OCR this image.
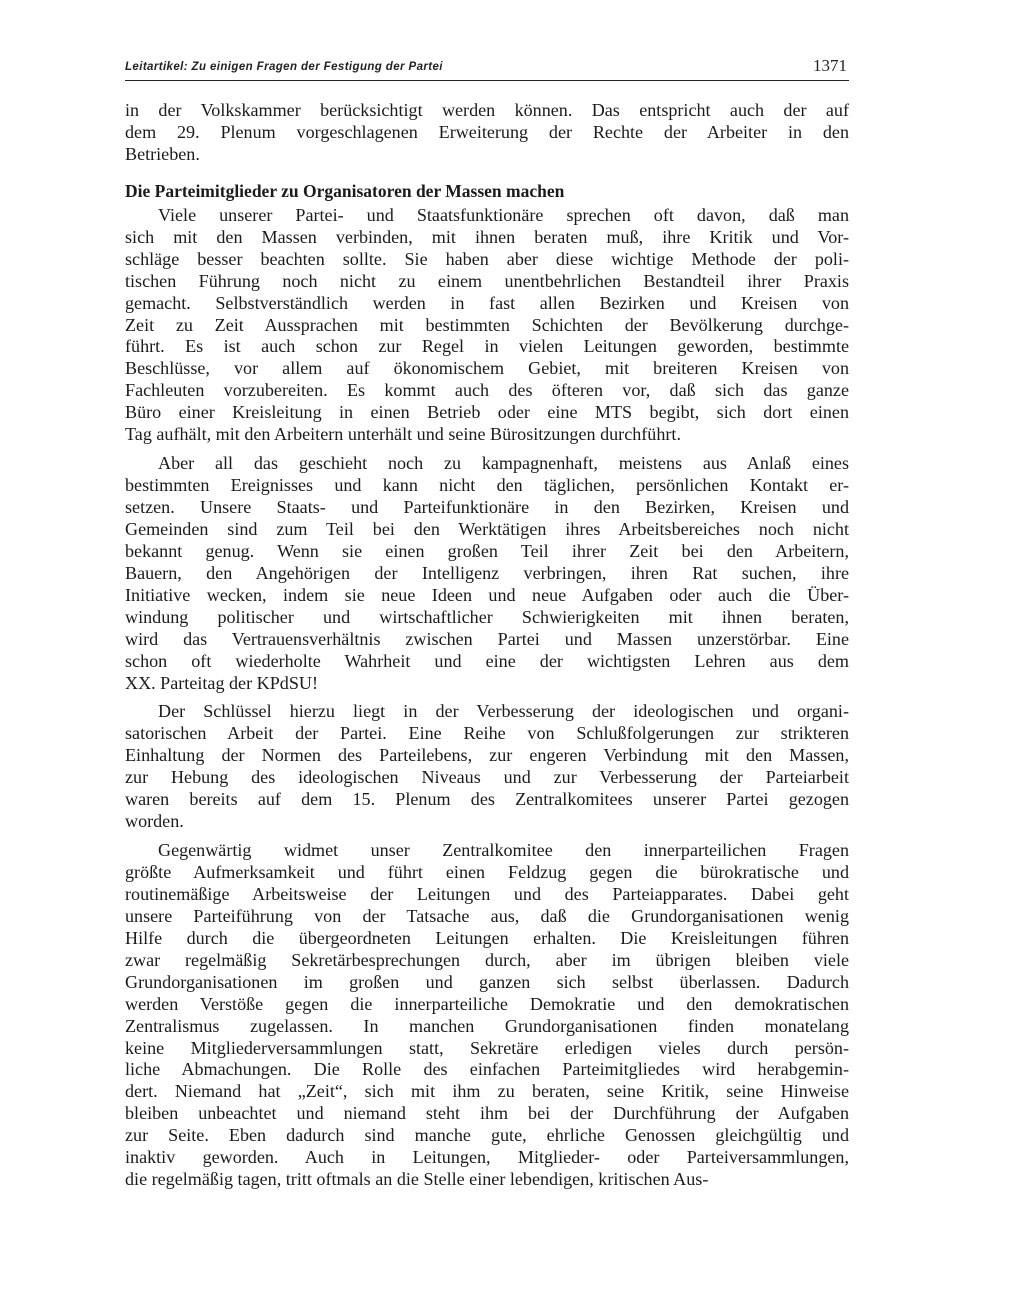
Leitartikel: Zu einigen Fragen der Festigung der Partei	1371
in der Volkskammer berücksichtigt werden können. Das entspricht auch der auf
dem 29. Plenum vorgeschlagenen Erweiterung der Rechte der Arbeiter in den
Betrieben.
Die Parteimitglieder zu Organisatoren der Massen machen
Viele unserer Partei- und Staatsfunktionäre sprechen oft davon, daß man
sich mit den Massen verbinden, mit ihnen beraten muß, ihre Kritik und Vor-
schläge besser beachten sollte. Sie haben aber diese wichtige Methode der poli-
tischen Führung noch nicht zu einem unentbehrlichen Bestandteil ihrer Praxis
gemacht. Selbstverständlich werden in fast allen Bezirken und Kreisen von
Zeit zu Zeit Aussprachen mit bestimmten Schichten der Bevölkerung durchge-
führt. Es ist auch schon zur Regel in vielen Leitungen geworden, bestimmte
Beschlüsse, vor allem auf ökonomischem Gebiet, mit breiteren Kreisen von
Fachleuten vorzubereiten. Es kommt auch des öfteren vor, daß sich das ganze
Büro einer Kreisleitung in einen Betrieb oder eine MTS begibt, sich dort einen
Tag aufhält, mit den Arbeitern unterhält und seine Bürositzungen durchführt.
Aber all das geschieht noch zu kampagnenhaft, meistens aus Anlaß eines
bestimmten Ereignisses und kann nicht den täglichen, persönlichen Kontakt er-
setzen. Unsere Staats- und Parteifunktionäre in den Bezirken, Kreisen und
Gemeinden sind zum Teil bei den Werktätigen ihres Arbeitsbereiches noch nicht
bekannt genug. Wenn sie einen großen Teil ihrer Zeit bei den Arbeitern,
Bauern, den Angehörigen der Intelligenz verbringen, ihren Rat suchen, ihre
Initiative wecken, indem sie neue Ideen und neue Aufgaben oder auch die Über-
windung politischer und wirtschaftlicher Schwierigkeiten mit ihnen beraten,
wird das Vertrauensverhältnis zwischen Partei und Massen unzerstörbar. Eine
schon oft wiederholte Wahrheit und eine der wichtigsten Lehren aus dem
XX. Parteitag der KPdSU!
Der Schlüssel hierzu liegt in der Verbesserung der ideologischen und organi-
satorischen Arbeit der Partei. Eine Reihe von Schlußfolgerungen zur strikteren
Einhaltung der Normen des Parteilebens, zur engeren Verbindung mit den Massen,
zur Hebung des ideologischen Niveaus und zur Verbesserung der Parteiarbeit
waren bereits auf dem 15. Plenum des Zentralkomitees unserer Partei gezogen
worden.
Gegenwärtig widmet unser Zentralkomitee den innerparteilichen Fragen
größte Aufmerksamkeit und führt einen Feldzug gegen die bürokratische und
routinemäßige Arbeitsweise der Leitungen und des Parteiapparates. Dabei geht
unsere Parteiführung von der Tatsache aus, daß die Grundorganisationen wenig
Hilfe durch die übergeordneten Leitungen erhalten. Die Kreisleitungen führen
zwar regelmäßig Sekretärbesprechungen durch, aber im übrigen bleiben viele
Grundorganisationen im großen und ganzen sich selbst überlassen. Dadurch
werden Verstöße gegen die innerparteiliche Demokratie und den demokratischen
Zentralismus zugelassen. In manchen Grundorganisationen finden monatelang
keine Mitgliederversammlungen statt, Sekretäre erledigen vieles durch persön-
liche Abmachungen. Die Rolle des einfachen Parteimitgliedes wird herabgemin-
dert. Niemand hat „Zeit“, sich mit ihm zu beraten, seine Kritik, seine Hinweise
bleiben unbeachtet und niemand steht ihm bei der Durchführung der Aufgaben
zur Seite. Eben dadurch sind manche gute, ehrliche Genossen gleichgültig und
inaktiv geworden. Auch in Leitungen, Mitglieder- oder Parteiversammlungen,
die regelmäßig tagen, tritt oftmals an die Stelle einer lebendigen, kritischen Aus-
